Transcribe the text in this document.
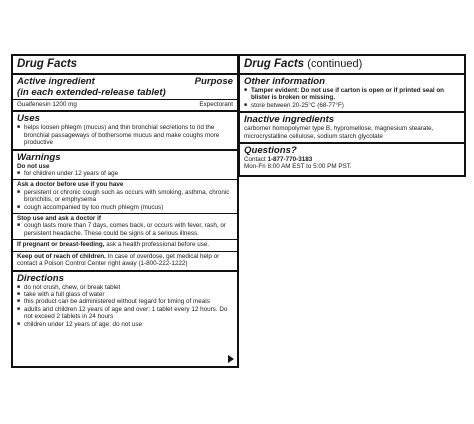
Drug Facts
Active ingredient	Purpose
(in each extended-release tablet)
Guaifenesin 1200 mg	Expectorant
Uses
■ helps loosen phlegm (mucus) and thin bronchial secretions to rid the bronchial passageways of bothersome mucus and make coughs more productive
Warnings
Do not use
■ for children under 12 years of age
Ask a doctor before use if you have
■ persistent or chronic cough such as occurs with smoking, asthma, chronic bronchitis, or emphysema
■ cough accompanied by too much phlegm (mucus)
Stop use and ask a doctor if
■ cough lasts more than 7 days, comes back, or occurs with fever, rash, or persistent headache. These could be signs of a serious illness.
If pregnant or breast-feeding, ask a health professional before use.
Keep out of reach of children. In case of overdose, get medical help or contact a Poison Control Center right away (1-800-222-1222)
Directions
■ do not crush, chew, or break tablet
■ take with a full glass of water
■ this product can be administered without regard for timing of meals
■ adults and children 12 years of age and over: 1 tablet every 12 hours. Do not exceed 2 tablets in 24 hours
■ children under 12 years of age: do not use
Drug Facts (continued)
Other information
■ Tamper evident: Do not use if carton is open or if printed seal on blister is broken or missing.
■ store between 20-25°C (68-77°F)
Inactive ingredients
carbomer homopolymer type B, hypromellose, magnesium stearate, microcrystalline cellulose, sodium starch glycolate
Questions?
Contact 1-877-770-3183
Mon-Fri 8:00 AM EST to 5:00 PM PST.
